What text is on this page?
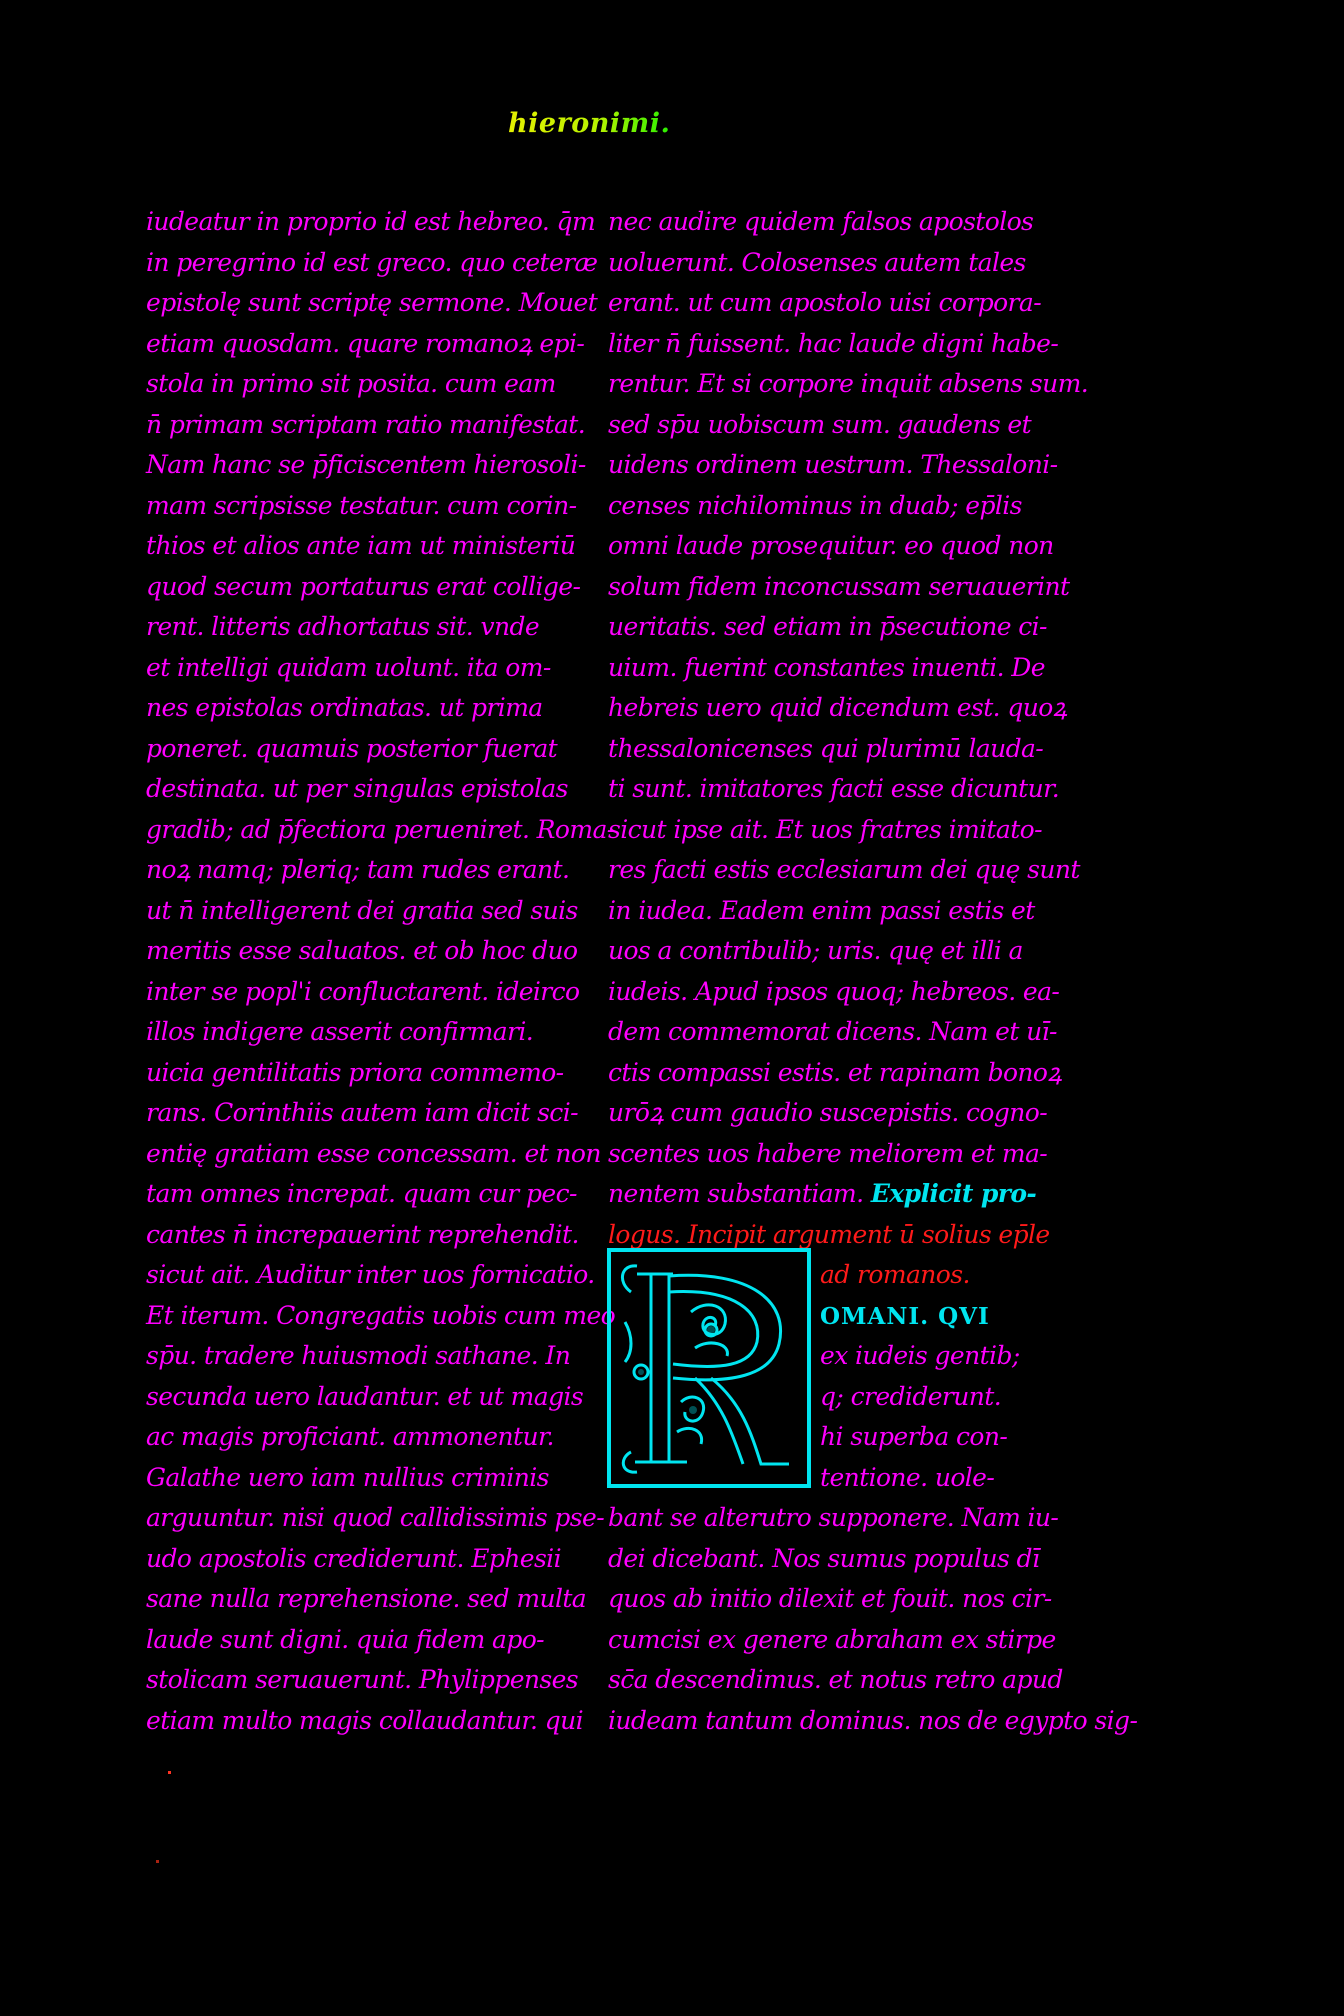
hieronimi.
iudeatur in proprio id est hebreo. q̄m
in peregrino id est greco. quo ceteræ
epistolę sunt scriptę sermone. Mouet
etiam quosdam. quare romanoꝝ epi-
stola in primo sit posita. cum eam
n̄ primam scriptam ratio manifestat.
Nam hanc se p̄ficiscentem hierosoli-
mam scripsisse testatur. cum corin-
thios et alios ante iam ut ministeriū
quod secum portaturus erat collige-
rent. litteris adhortatus sit. vnde
et intelligi quidam uolunt. ita om-
nes epistolas ordinatas. ut prima
poneret. quamuis posterior fuerat
destinata. ut per singulas epistolas
gradib; ad p̄fectiora perueniret. Roma-
noꝝ namq; pleriq; tam rudes erant.
ut n̄ intelligerent dei gratia sed suis
meritis esse saluatos. et ob hoc duo
inter se popl'i confluctarent. ideirco
illos indigere asserit confirmari.
uicia gentilitatis priora commemo-
rans. Corinthiis autem iam dicit sci-
entię gratiam esse concessam. et non
tam omnes increpat. quam cur pec-
cantes n̄ increpauerint reprehendit.
sicut ait. Auditur inter uos fornicatio.
Et iterum. Congregatis uobis cum meo
sp̄u. tradere huiusmodi sathane. In
secunda uero laudantur. et ut magis
ac magis proficiant. ammonentur.
Galathe uero iam nullius criminis
arguuntur. nisi quod callidissimis pse-
udo apostolis crediderunt. Ephesii
sane nulla reprehensione. sed multa
laude sunt digni. quia fidem apo-
stolicam seruauerunt. Phylippenses
etiam multo magis collaudantur. qui
nec audire quidem falsos apostolos
uoluerunt. Colosenses autem tales
erant. ut cum apostolo uisi corpora-
liter n̄ fuissent. hac laude digni habe-
rentur. Et si corpore inquit absens sum.
sed sp̄u uobiscum sum. gaudens et
uidens ordinem uestrum. Thessaloni-
censes nichilominus in duab; ep̄lis
omni laude prosequitur. eo quod non
solum fidem inconcussam seruauerint
ueritatis. sed etiam in p̄secutione ci-
uium. fuerint constantes inuenti. De
hebreis uero quid dicendum est. quoꝝ
thessalonicenses qui plurimū lauda-
ti sunt. imitatores facti esse dicuntur.
sicut ipse ait. Et uos fratres imitato-
res facti estis ecclesiarum dei quę sunt
in iudea. Eadem enim passi estis et
uos a contribulib; uris. quę et illi a
iudeis. Apud ipsos quoq; hebreos. ea-
dem commemorat dicens. Nam et uī-
ctis compassi estis. et rapinam bonoꝝ
urōꝝ cum gaudio suscepistis. cogno-
scentes uos habere meliorem et ma-
nentem substantiam. Explicit pro-
logus. Incipit argument ū solius ep̄le
ad romanos.
OMANI. QVI
ex iudeis gentib;
q; crediderunt.
hi superba con-
tentione. uole-
bant se alterutro supponere. Nam iu-
dei dicebant. Nos sumus populus dī
quos ab initio dilexit et fouit. nos cir-
cumcisi ex genere abraham ex stirpe
sc̄a descendimus. et notus retro apud
iudeam tantum dominus. nos de egypto sig-
